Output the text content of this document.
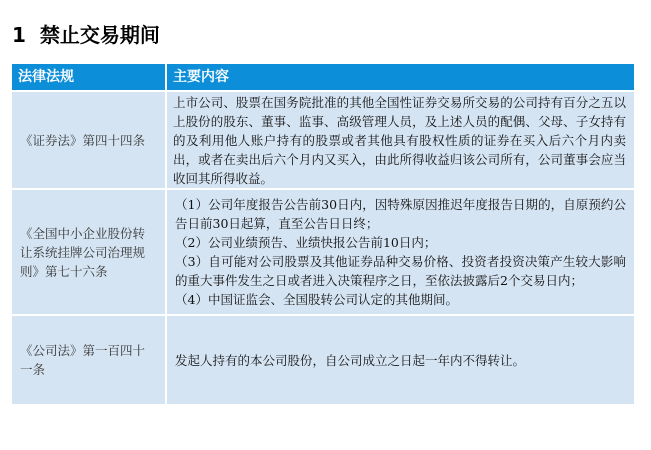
1 禁止交易期间
法律法规	主要内容
《证券法》第四十四条
上市公司、股票在国务院批准的其他全国性证券交易所交易的公司持有百分之五以上股份的股东、董事、监事、高级管理人员，及上述人员的配偶、父母、子女持有的及利用他人账户持有的股票或者其他具有股权性质的证券在买入后六个月内卖出，或者在卖出后六个月内又买入，由此所得收益归该公司所有，公司董事会应当收回其所得收益。
《全国中小企业股份转让系统挂牌公司治理规则》第七十六条
（1）公司年度报告公告前30日内，因特殊原因推迟年度报告日期的，自原预约公告日前30日起算，直至公告日日终；
（2）公司业绩预告、业绩快报公告前10日内；
（3）自可能对公司股票及其他证券品种交易价格、投资者投资决策产生较大影响的重大事件发生之日或者进入决策程序之日，至依法披露后2个交易日内；
（4）中国证监会、全国股转公司认定的其他期间。
《公司法》第一百四十一条
发起人持有的本公司股份，自公司成立之日起一年内不得转让。
